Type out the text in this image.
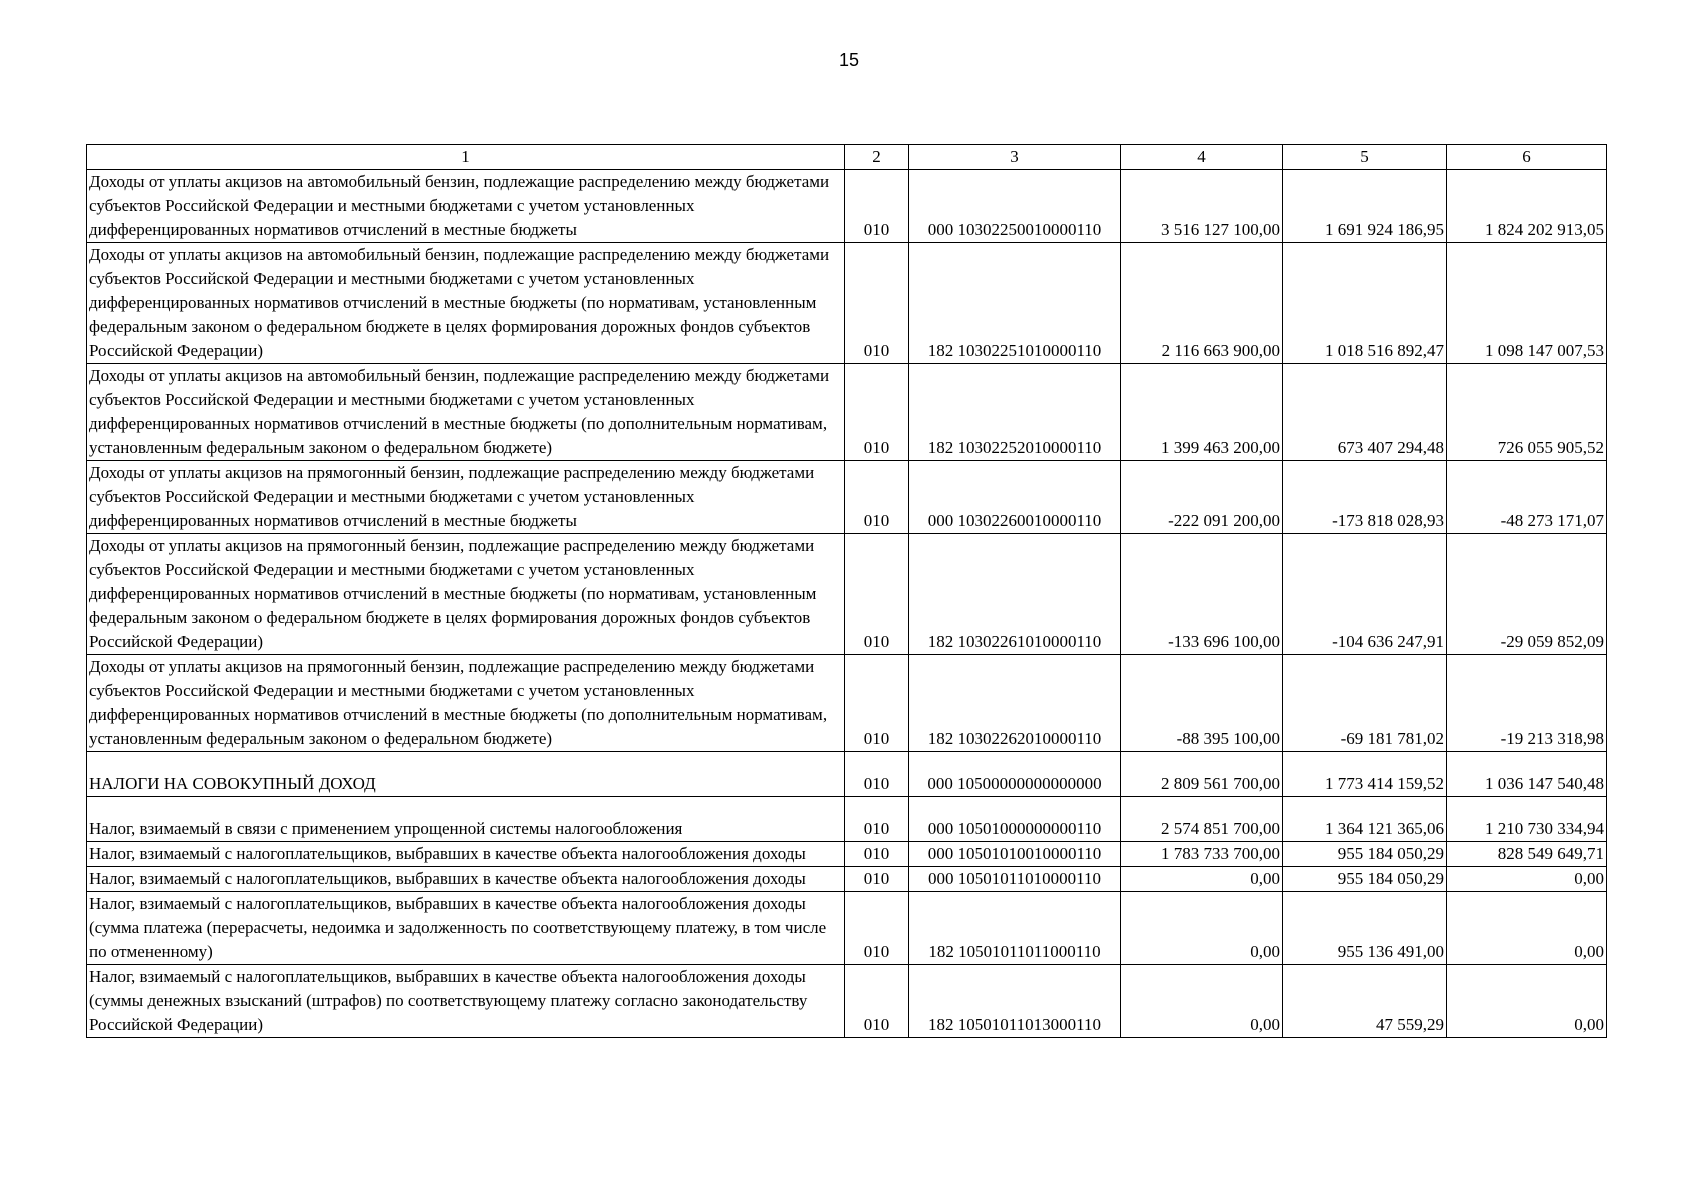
15
1	2	3	4	5	6
Доходы от уплаты акцизов на автомобильный бензин, подлежащие распределению между бюджетами субъектов Российской Федерации и местными бюджетами с учетом установленных дифференцированных нормативов отчислений в местные бюджеты	010	000 10302250010000110	3 516 127 100,00	1 691 924 186,95	1 824 202 913,05
Доходы от уплаты акцизов на автомобильный бензин, подлежащие распределению между бюджетами субъектов Российской Федерации и местными бюджетами с учетом установленных дифференцированных нормативов отчислений в местные бюджеты (по нормативам, установленным федеральным законом о федеральном бюджете в целях формирования дорожных фондов субъектов Российской Федерации)	010	182 10302251010000110	2 116 663 900,00	1 018 516 892,47	1 098 147 007,53
Доходы от уплаты акцизов на автомобильный бензин, подлежащие распределению между бюджетами субъектов Российской Федерации и местными бюджетами с учетом установленных дифференцированных нормативов отчислений в местные бюджеты (по дополнительным нормативам, установленным федеральным законом о федеральном бюджете)	010	182 10302252010000110	1 399 463 200,00	673 407 294,48	726 055 905,52
Доходы от уплаты акцизов на прямогонный бензин, подлежащие распределению между бюджетами субъектов Российской Федерации и местными бюджетами с учетом установленных дифференцированных нормативов отчислений в местные бюджеты	010	000 10302260010000110	-222 091 200,00	-173 818 028,93	-48 273 171,07
Доходы от уплаты акцизов на прямогонный бензин, подлежащие распределению между бюджетами субъектов Российской Федерации и местными бюджетами с учетом установленных дифференцированных нормативов отчислений в местные бюджеты (по нормативам, установленным федеральным законом о федеральном бюджете в целях формирования дорожных фондов субъектов Российской Федерации)	010	182 10302261010000110	-133 696 100,00	-104 636 247,91	-29 059 852,09
Доходы от уплаты акцизов на прямогонный бензин, подлежащие распределению между бюджетами субъектов Российской Федерации и местными бюджетами с учетом установленных дифференцированных нормативов отчислений в местные бюджеты (по дополнительным нормативам, установленным федеральным законом о федеральном бюджете)	010	182 10302262010000110	-88 395 100,00	-69 181 781,02	-19 213 318,98
НАЛОГИ НА СОВОКУПНЫЙ ДОХОД	010	000 10500000000000000	2 809 561 700,00	1 773 414 159,52	1 036 147 540,48
Налог, взимаемый в связи с применением упрощенной системы налогообложения	010	000 10501000000000110	2 574 851 700,00	1 364 121 365,06	1 210 730 334,94
Налог, взимаемый с налогоплательщиков, выбравших в качестве объекта налогообложения доходы	010	000 10501010010000110	1 783 733 700,00	955 184 050,29	828 549 649,71
Налог, взимаемый с налогоплательщиков, выбравших в качестве объекта налогообложения доходы	010	000 10501011010000110	0,00	955 184 050,29	0,00
Налог, взимаемый с налогоплательщиков, выбравших в качестве объекта налогообложения доходы (сумма платежа (перерасчеты, недоимка и задолженность по соответствующему платежу, в том числе по отмененному)	010	182 10501011011000110	0,00	955 136 491,00	0,00
Налог, взимаемый с налогоплательщиков, выбравших в качестве объекта налогообложения доходы (суммы денежных взысканий (штрафов) по соответствующему платежу согласно законодательству Российской Федерации)	010	182 10501011013000110	0,00	47 559,29	0,00
